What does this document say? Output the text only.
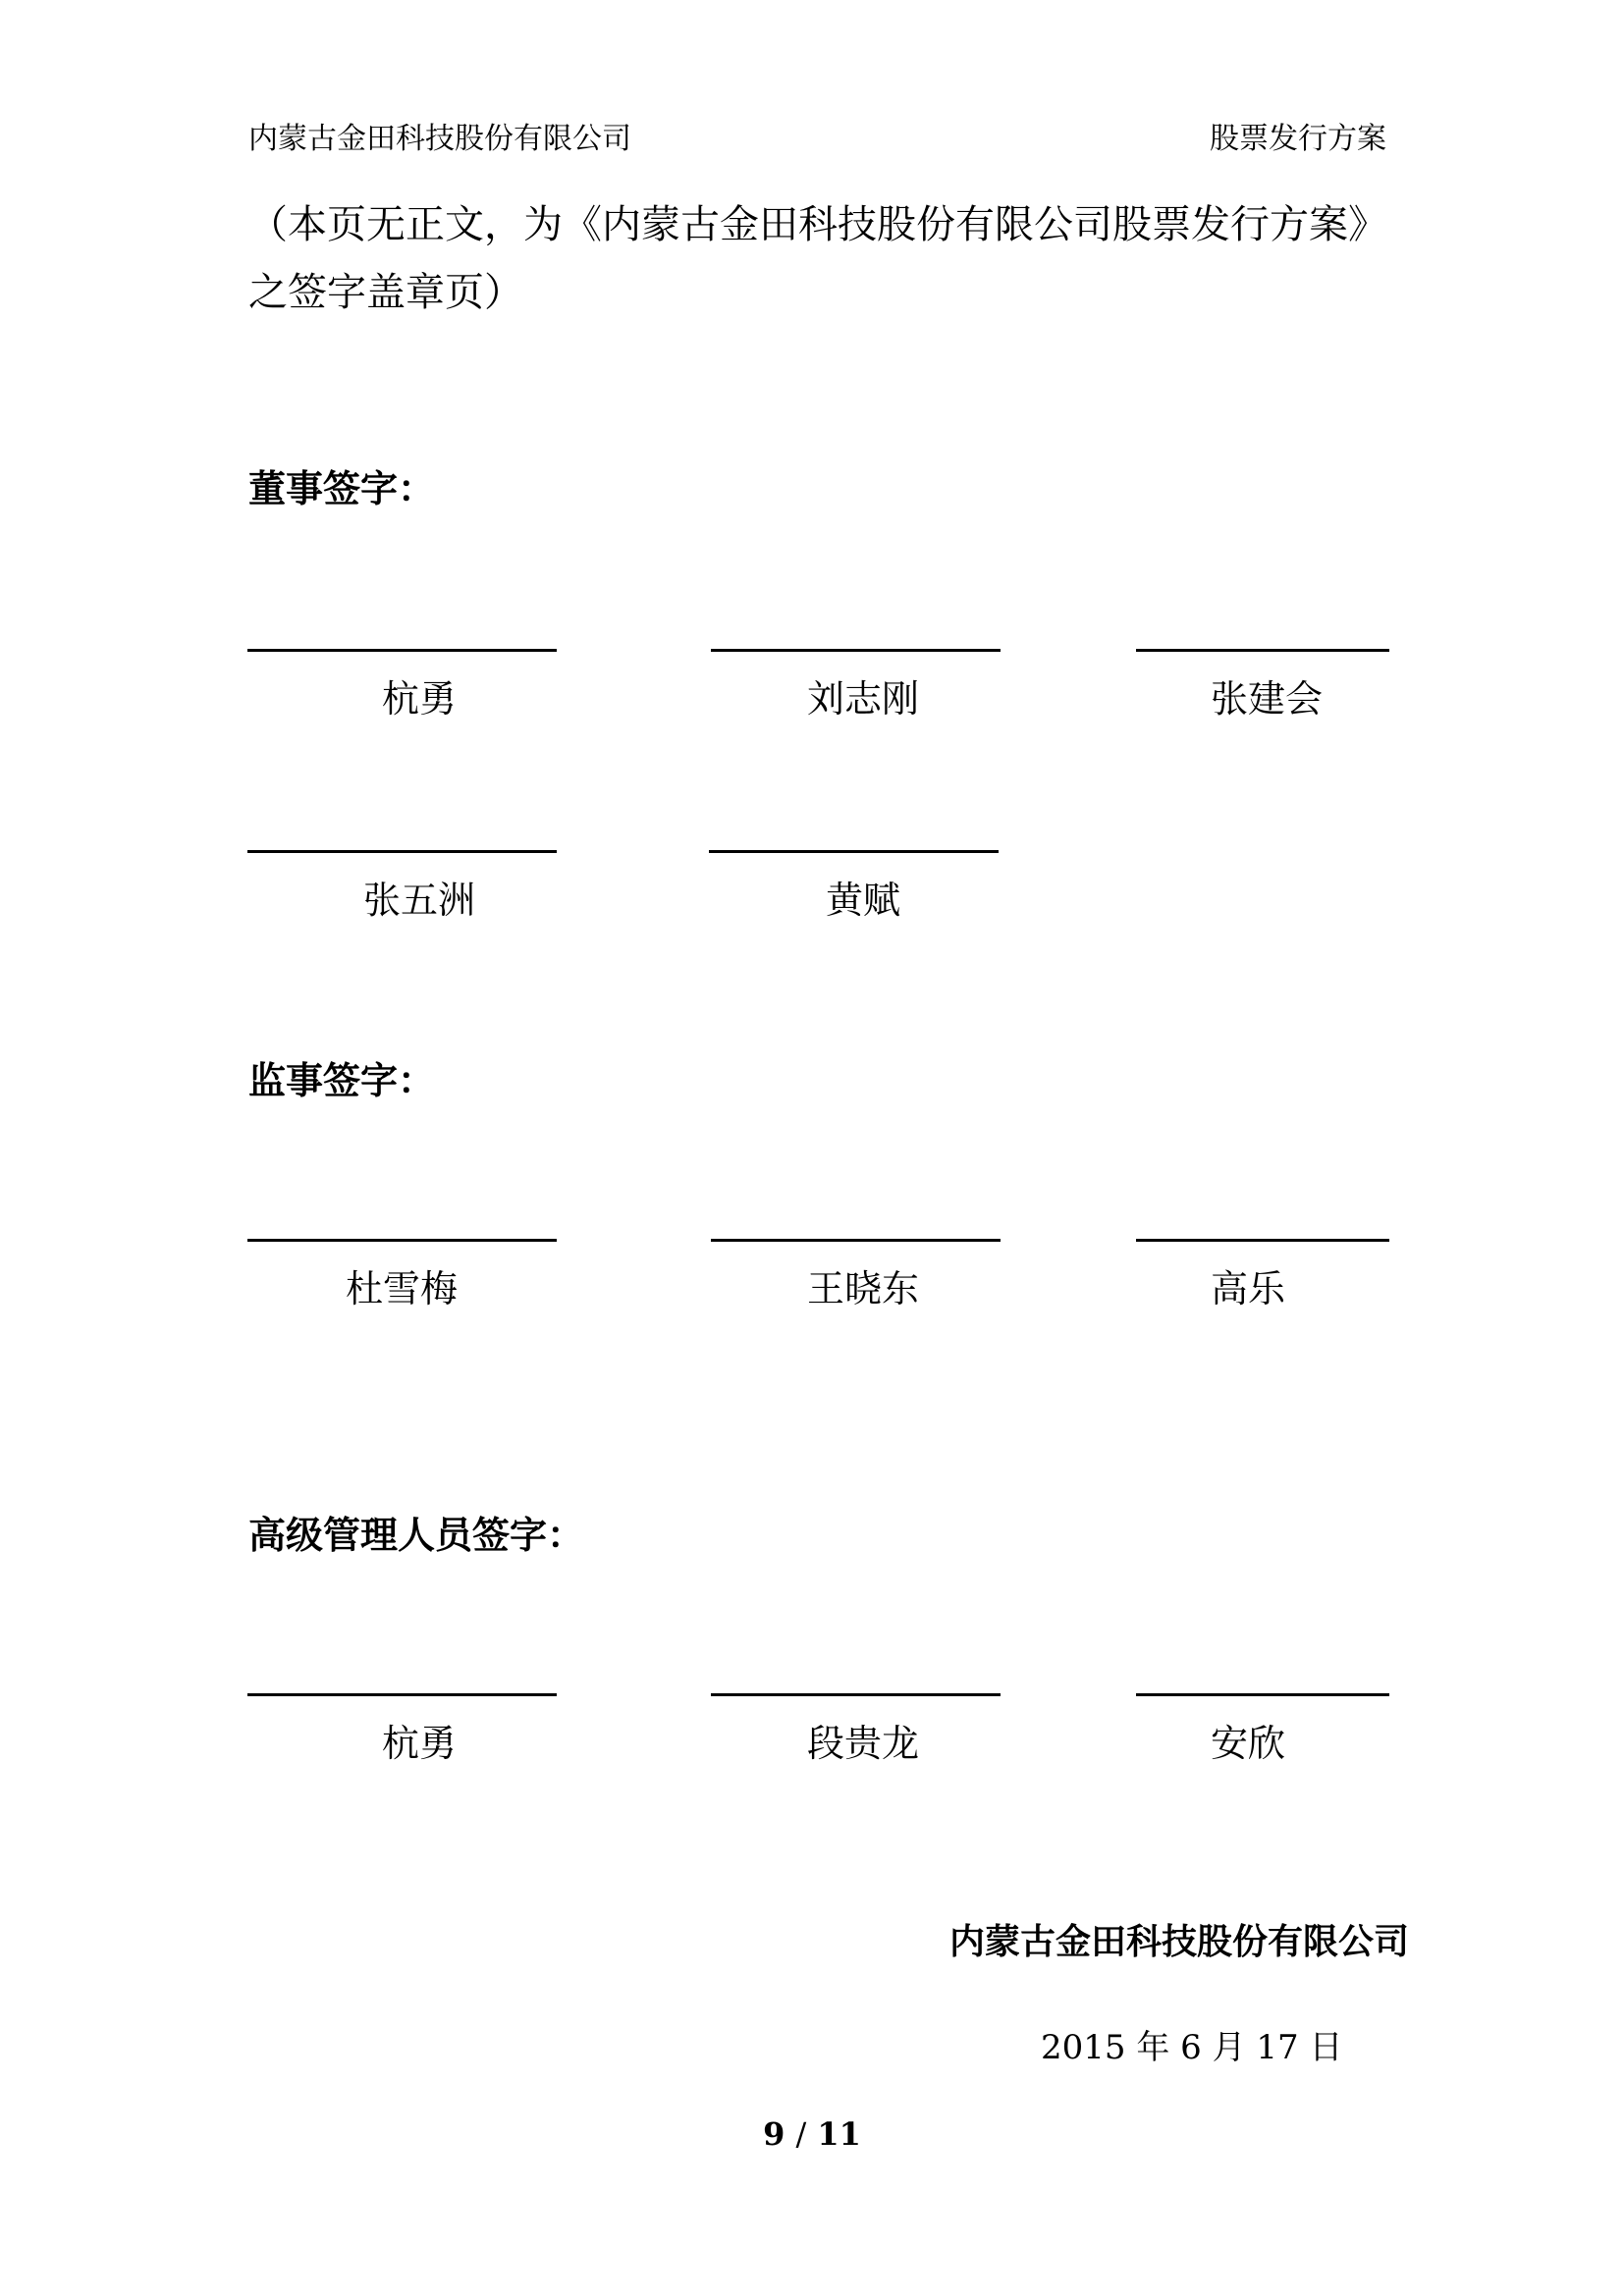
内蒙古金田科技股份有限公司	股票发行方案
（本页无正文，为《内蒙古金田科技股份有限公司股票发行方案》之签字盖章页）
董事签字：
杭勇	刘志刚	张建会
张五洲	黄赋
监事签字：
杜雪梅	王晓东	高乐
高级管理人员签字：
杭勇	段贵龙	安欣
内蒙古金田科技股份有限公司
2015 年 6 月 17 日
9 / 11
